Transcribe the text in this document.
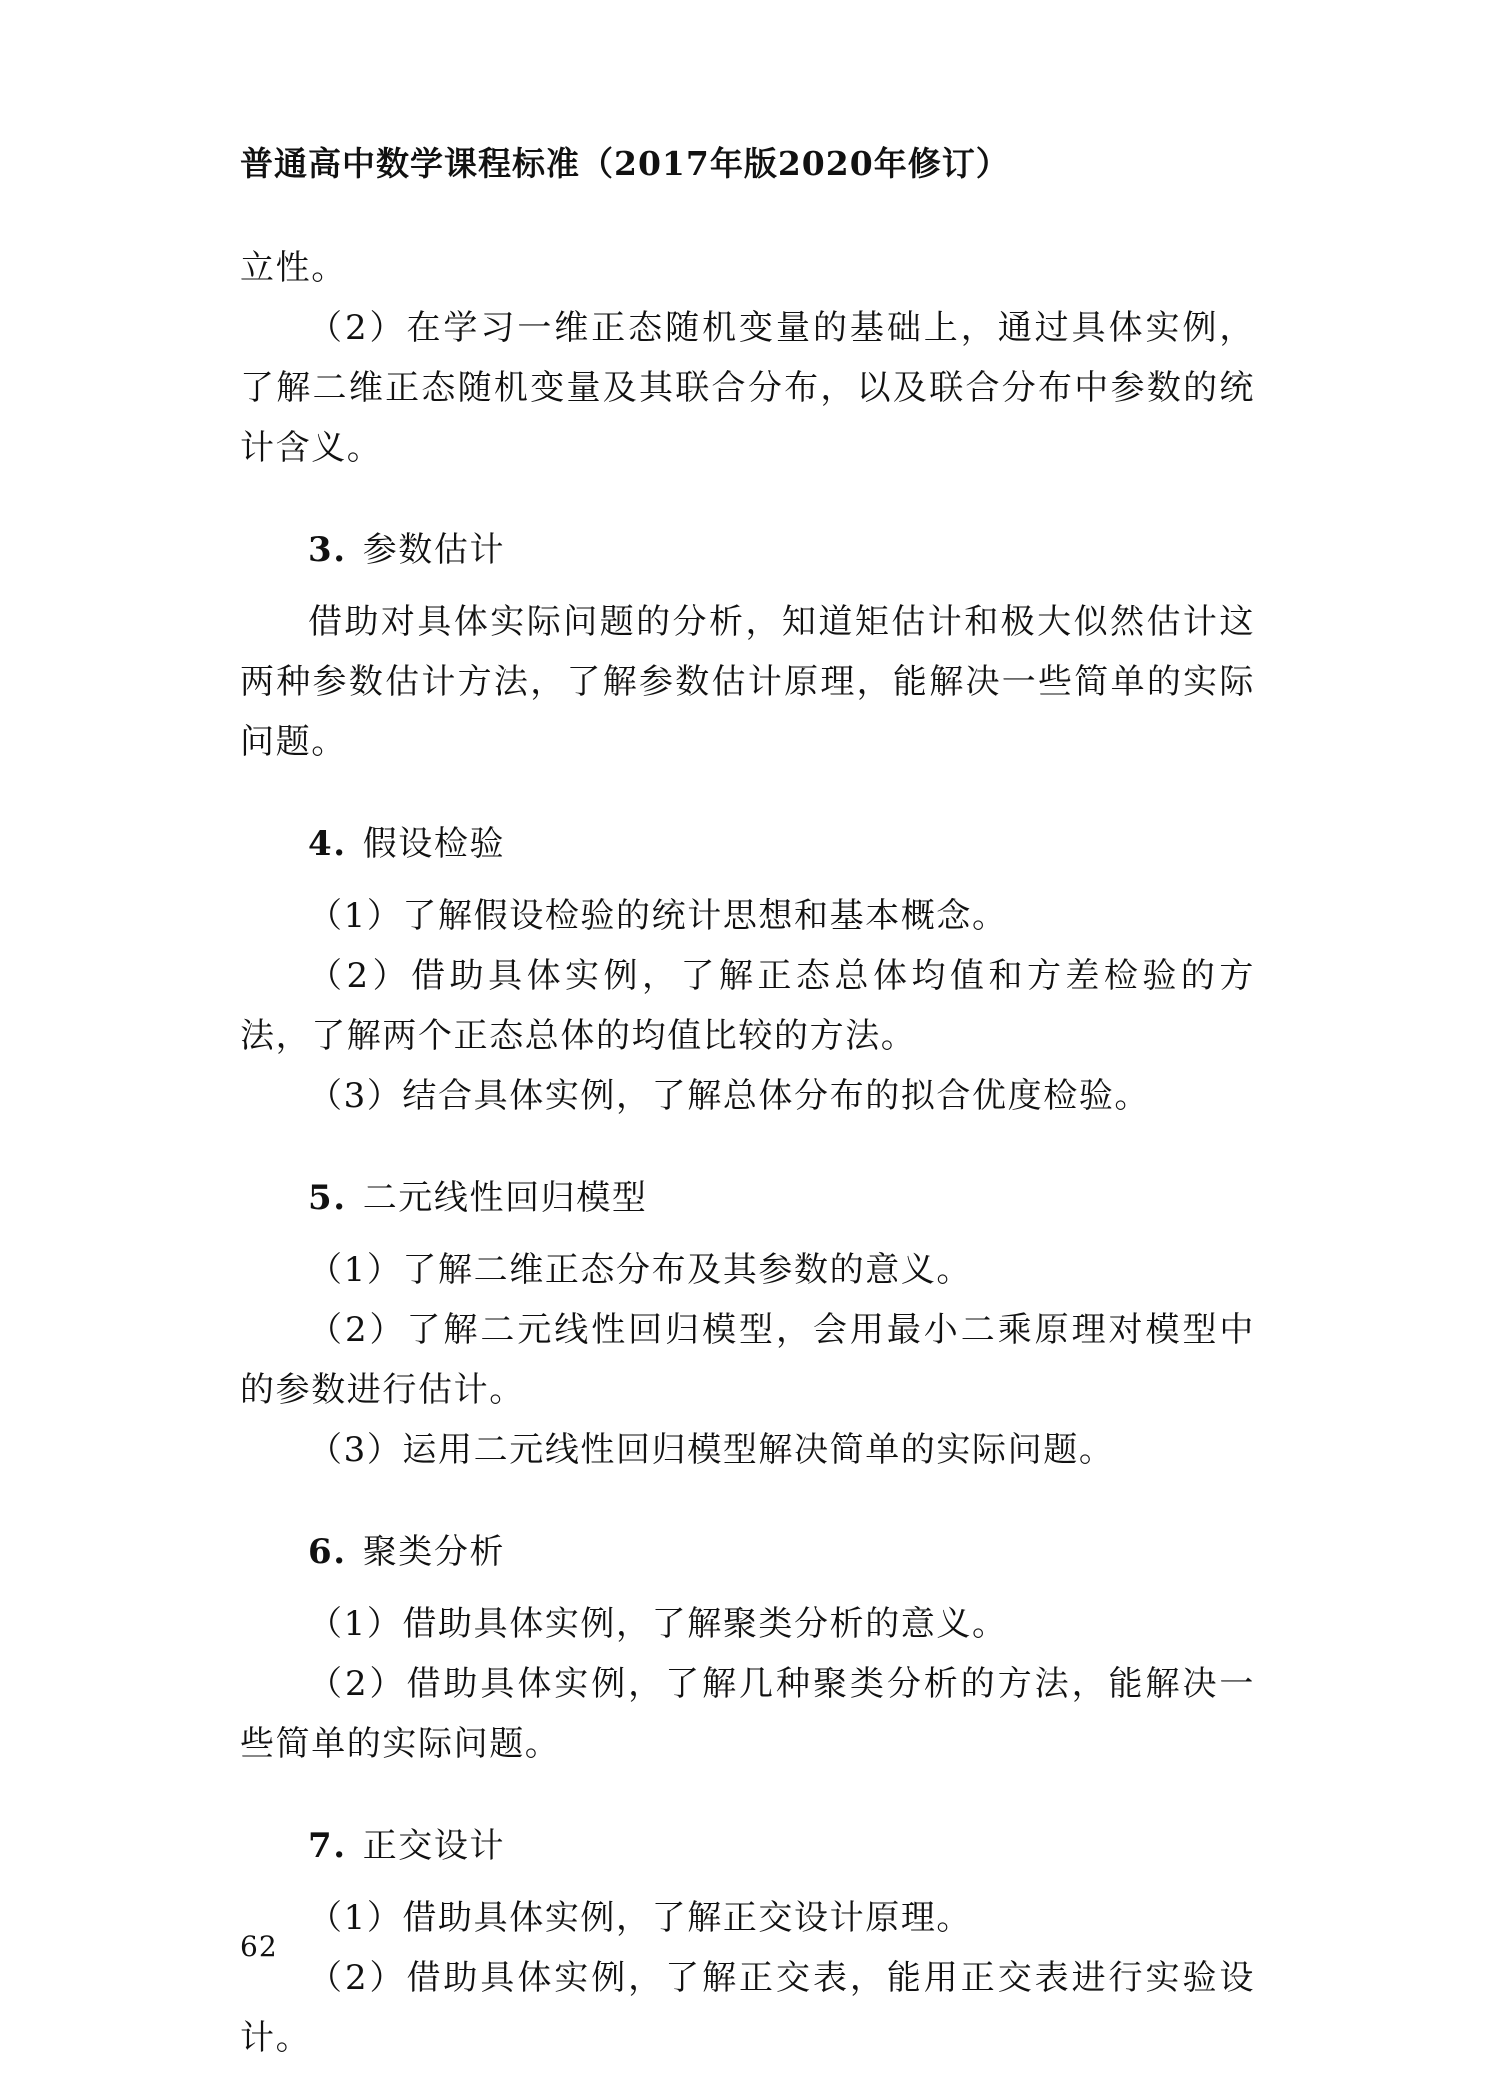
普通高中数学课程标准（2017年版2020年修订）

立性。

（2）在学习一维正态随机变量的基础上，通过具体实例，了解二维正态随机变量及其联合分布，以及联合分布中参数的统计含义。

3. 参数估计

借助对具体实际问题的分析，知道矩估计和极大似然估计这两种参数估计方法，了解参数估计原理，能解决一些简单的实际问题。

4. 假设检验

（1）了解假设检验的统计思想和基本概念。

（2）借助具体实例，了解正态总体均值和方差检验的方法，了解两个正态总体的均值比较的方法。

（3）结合具体实例，了解总体分布的拟合优度检验。

5. 二元线性回归模型

（1）了解二维正态分布及其参数的意义。

（2）了解二元线性回归模型，会用最小二乘原理对模型中的参数进行估计。

（3）运用二元线性回归模型解决简单的实际问题。

6. 聚类分析

（1）借助具体实例，了解聚类分析的意义。

（2）借助具体实例，了解几种聚类分析的方法，能解决一些简单的实际问题。

7. 正交设计

（1）借助具体实例，了解正交设计原理。

（2）借助具体实例，了解正交表，能用正交表进行实验设计。

62
